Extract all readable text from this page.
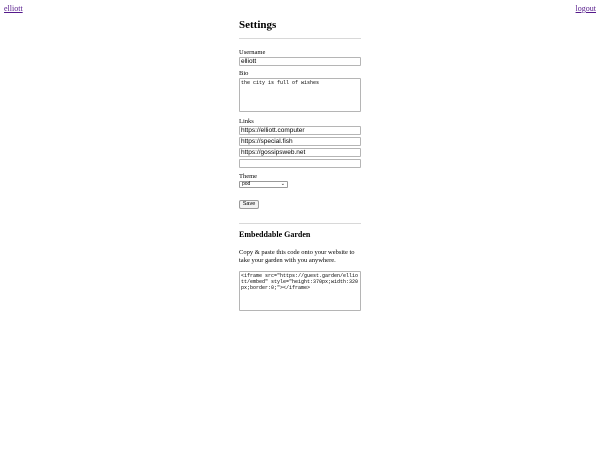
elliott	logout
Settings
Username
elliott
Bio
the city is full of wishes
Links
https://elliott.computer
https://special.fish
https://gossipsweb.net
Theme
pod	⌄
Save
Embeddable Garden
Copy & paste this code onto your website to take your garden with you anywhere.
<iframe src="https://guest.garden/elliott/embed" style="height:370px;width:320px;border:0;"></iframe>
